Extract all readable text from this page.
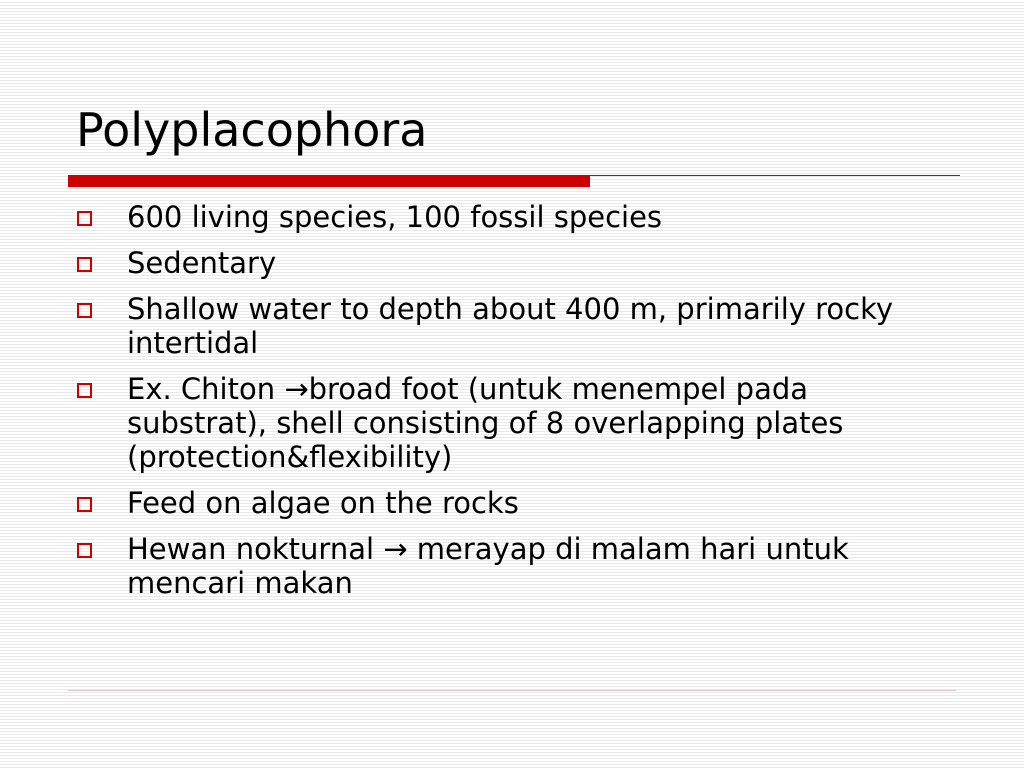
Polyplacophora
600 living species, 100 fossil species
Sedentary
Shallow water to depth about 400 m, primarily rocky intertidal
Ex. Chiton →broad foot (untuk menempel pada substrat), shell consisting of 8 overlapping plates (protection&flexibility)
Feed on algae on the rocks
Hewan nokturnal → merayap di malam hari untuk mencari makan
